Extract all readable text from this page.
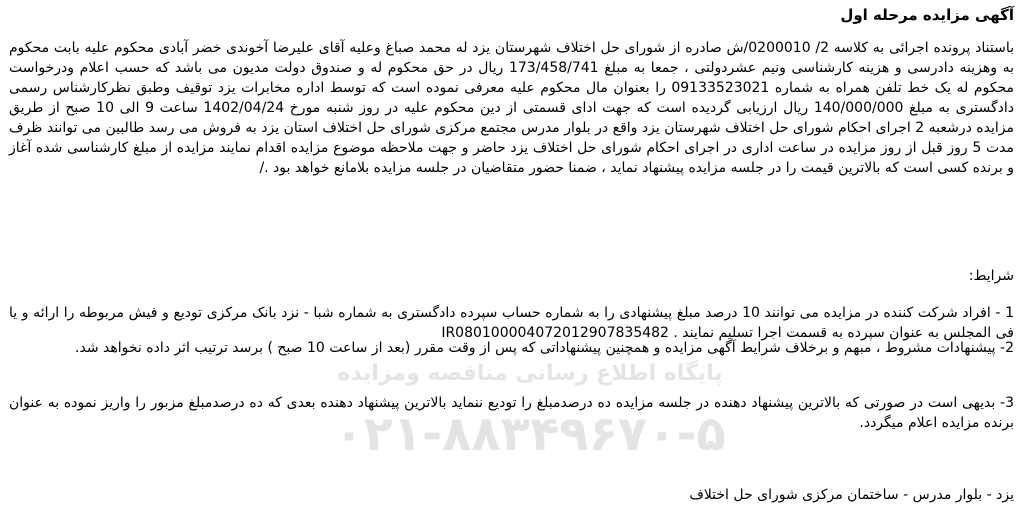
آگهی مزایده مرحله اول
باستناد پرونده اجرائی به کلاسه 2/ 0200010/ش صادره از شورای حل اختلاف شهرستان یزد له محمد صباغ وعلیه آقای علیرضا آخوندی خضر آبادی محکوم علیه بابت محکوم به وهزینه دادرسی و هزینه کارشناسی ونیم عشردولتی ، جمعا به مبلغ 173/458/741 ریال در حق محکوم له و صندوق دولت مدیون می باشد که حسب اعلام ودرخواست محکوم له یک خط تلفن همراه به شماره 09133523021 را بعنوان مال محکوم علیه معرفی نموده است که توسط اداره مخابرات یزد توقیف وطبق نظرکارشناس رسمی دادگستری به مبلغ 140/000/000 ریال ارزیابی گردیده است که جهت ادای قسمتی از دین محکوم علیه در روز شنبه مورخ 1402/04/24 ساعت 9 الی 10 صبح از طریق مزایده درشعبه 2 اجرای احکام شورای حل اختلاف شهرستان یزد واقع در بلوار مدرس مجتمع مرکزی شورای حل اختلاف استان یزد به فروش می رسد طالبین می توانند ظرف مدت 5 روز قبل از روز مزایده در ساعت اداری در اجرای احکام شورای حل اختلاف یزد حاضر و جهت ملاحظه موضوع مزایده اقدام نمایند مزایده از مبلغ کارشناسی شده آغاز و برنده کسی است که بالاترین قیمت را در جلسه مزایده پیشنهاد نماید ، ضمنا حضور متقاضیان در جلسه مزایده بلامانع خواهد بود ./
شرایط:
1 - افراد شرکت کننده در مزایده می توانند 10 درصد مبلغ پیشنهادی را به شماره حساب سپرده دادگستری به شماره شبا - نزد بانک مرکزی تودیع و فیش مربوطه را ارائه و یا فی المجلس به عنوان سپرده به قسمت اجرا تسلیم نمایند . IR080100004072012907835482
2- پیشنهادات مشروط ، مبهم و برخلاف شرایط آگهی مزایده و همچنین پیشنهاداتی که پس از وقت مقرر (بعد از ساعت 10 صبح ) برسد ترتیب اثر داده نخواهد شد.
3- بدیهی است در صورتی که بالاترین پیشنهاد دهنده در جلسه مزایده ده درصدمبلغ را تودیع ننماید بالاترین پیشنهاد دهنده بعدی که ده درصدمبلغ مزبور را واریز نموده به عنوان برنده مزایده اعلام میگردد.
یزد - بلوار مدرس - ساختمان مرکزی شورای حل اختلاف
پایگاه اطلاع رسانی مناقصه ومزایده
۰۲۱-۸۸۳۴۹۶۷۰-۵
